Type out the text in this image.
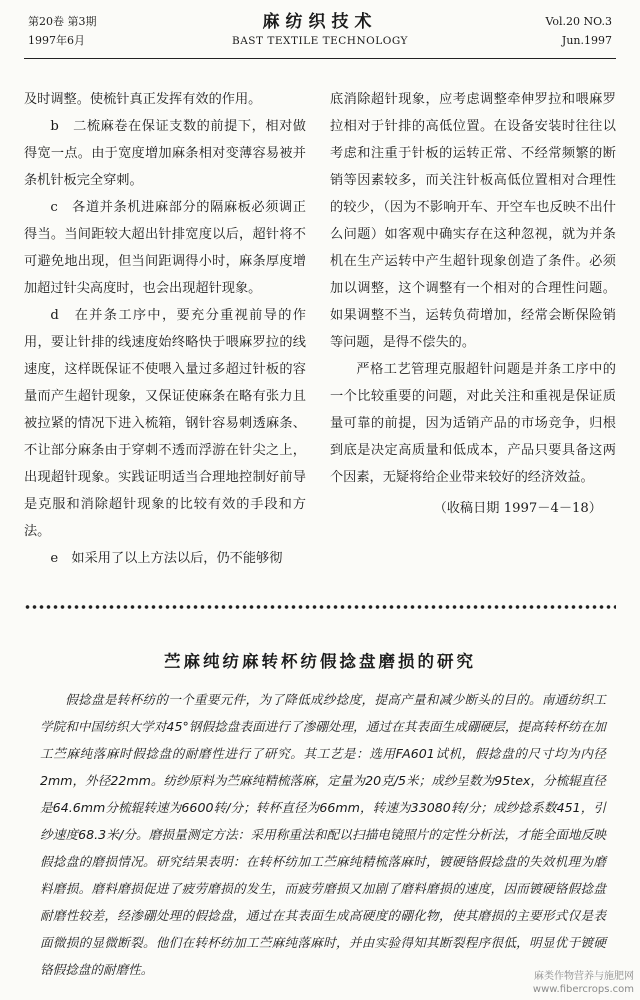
第20卷 第3期
1997年6月
麻纺织技术
BAST TEXTILE TECHNOLOGY
Vol.20 NO.3
Jun.1997

及时调整。使梳针真正发挥有效的作用。

b　二梳麻卷在保证支数的前提下，相对做得宽一点。由于宽度增加麻条相对变薄容易被并条机针板完全穿刺。

c　各道并条机进麻部分的隔麻板必须调正得当。当间距较大超出针排宽度以后，超针将不可避免地出现，但当间距调得小时，麻条厚度增加超过针尖高度时，也会出现超针现象。

d　在并条工序中，要充分重视前导的作用，要让针排的线速度始终略快于喂麻罗拉的线速度，这样既保证不使喂入量过多超过针板的容量而产生超针现象，又保证使麻条在略有张力且被拉紧的情况下进入梳箱，钢针容易刺透麻条、不让部分麻条由于穿刺不透而浮游在针尖之上，出现超针现象。实践证明适当合理地控制好前导是克服和消除超针现象的比较有效的手段和方法。

e　如采用了以上方法以后，仍不能够彻

底消除超针现象，应考虑调整牵伸罗拉和喂麻罗拉相对于针排的高低位置。在设备安装时往往以考虑和注重于针板的运转正常、不经常频繁的断销等因素较多，而关注针板高低位置相对合理性的较少，（因为不影响开车、开空车也反映不出什么问题）如客观中确实存在这种忽视，就为并条机在生产运转中产生超针现象创造了条件。必须加以调整，这个调整有一个相对的合理性问题。如果调整不当，运转负荷增加，经常会断保险销等问题，是得不偿失的。

严格工艺管理克服超针问题是并条工序中的一个比较重要的问题，对此关注和重视是保证质量可靠的前提，因为适销产品的市场竞争，归根到底是决定高质量和低成本，产品只要具备这两个因素，无疑将给企业带来较好的经济效益。

（收稿日期 1997－4－18）

苎麻纯纺麻转杯纺假捻盘磨损的研究
假捻盘是转杯纺的一个重要元件，为了降低成纱捻度，提高产量和减少断头的目的。南通纺织工学院和中国纺织大学对45°钢假捻盘表面进行了渗硼处理，通过在其表面生成硼硬层，提高转杯纺在加工苎麻纯落麻时假捻盘的耐磨性进行了研究。其工艺是：选用FA601试机，假捻盘的尺寸均为内径2mm，外径22mm。纺纱原料为苎麻纯精梳落麻，定量为20克/5米；成纱呈数为95tex，分梳辊直径是64.6mm分梳辊转速为6600转/分；转杯直径为66mm，转速为33080转/分；成纱捻系数451，引纱速度68.3米/分。磨损量测定方法：采用称重法和配以扫描电镜照片的定性分析法，才能全面地反映假捻盘的磨损情况。研究结果表明：在转杯纺加工苎麻纯精梳落麻时，镀硬铬假捻盘的失效机理为磨料磨损。磨料磨损促进了疲劳磨损的发生，而疲劳磨损又加剧了磨料磨损的速度，因而镀硬铬假捻盘耐磨性较差，经渗硼处理的假捻盘，通过在其表面生成高硬度的硼化物，使其磨损的主要形式仅是表面微损的显微断裂。他们在转杯纺加工苎麻纯落麻时，并由实验得知其断裂程序很低，明显优于镀硬铬假捻盘的耐磨性。	麻类作物营养与施肥网
www.fibercrops.com
